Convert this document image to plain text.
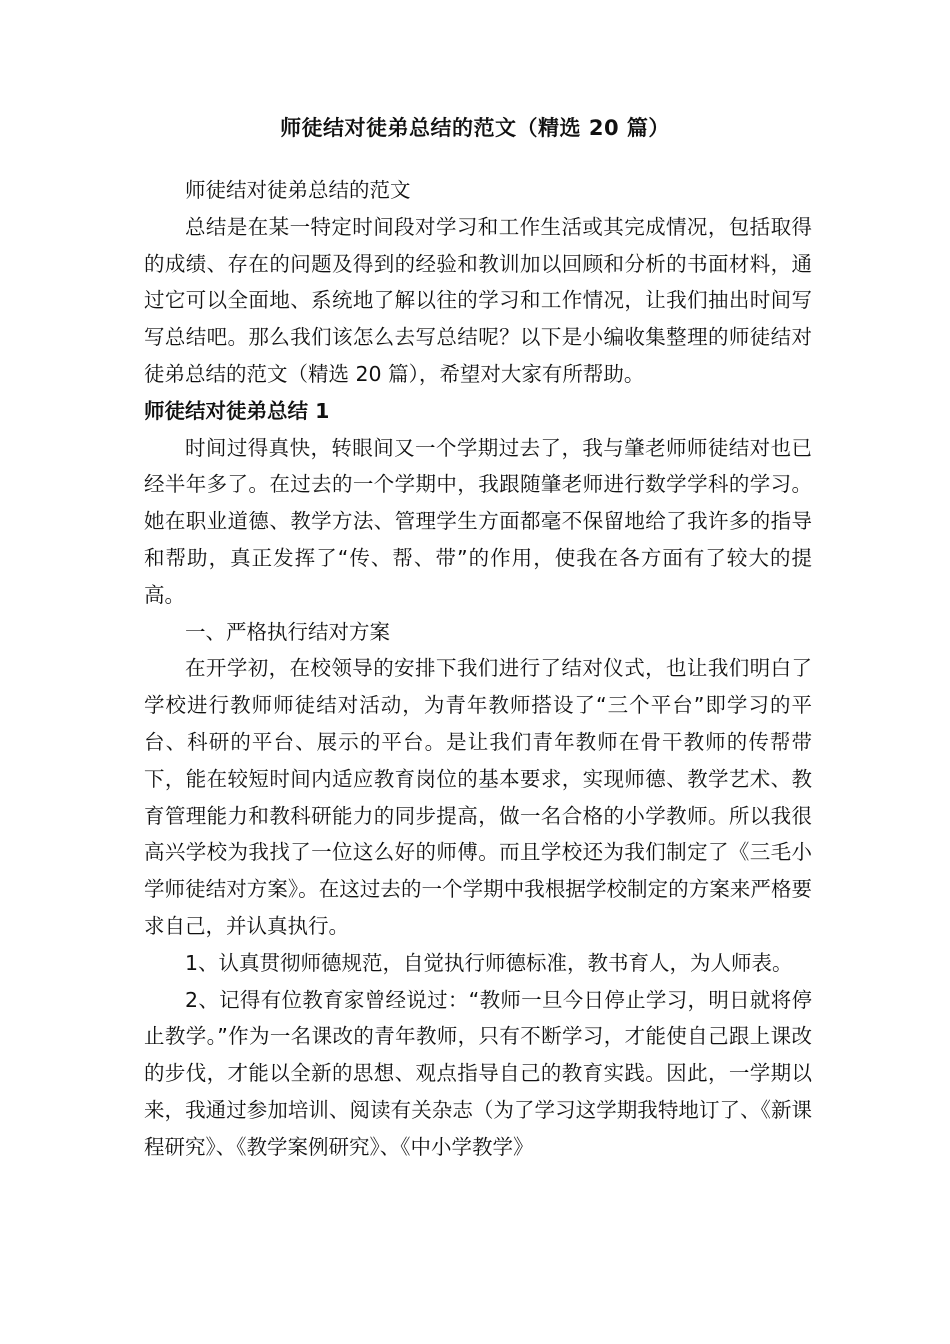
师徒结对徒弟总结的范文（精选 20 篇）

师徒结对徒弟总结的范文

总结是在某一特定时间段对学习和工作生活或其完成情况，包括取得的成绩、存在的问题及得到的经验和教训加以回顾和分析的书面材料，通过它可以全面地、系统地了解以往的学习和工作情况，让我们抽出时间写写总结吧。那么我们该怎么去写总结呢？以下是小编收集整理的师徒结对徒弟总结的范文（精选 20 篇），希望对大家有所帮助。

师徒结对徒弟总结 1

时间过得真快，转眼间又一个学期过去了，我与肇老师师徒结对也已经半年多了。在过去的一个学期中，我跟随肇老师进行数学学科的学习。她在职业道德、教学方法、管理学生方面都毫不保留地给了我许多的指导和帮助，真正发挥了“传、帮、带”的作用，使我在各方面有了较大的提高。

一、严格执行结对方案

在开学初，在校领导的安排下我们进行了结对仪式，也让我们明白了学校进行教师师徒结对活动，为青年教师搭设了“三个平台”即学习的平台、科研的平台、展示的平台。是让我们青年教师在骨干教师的传帮带下，能在较短时间内适应教育岗位的基本要求，实现师德、教学艺术、教育管理能力和教科研能力的同步提高，做一名合格的小学教师。所以我很高兴学校为我找了一位这么好的师傅。而且学校还为我们制定了《三毛小学师徒结对方案》。在这过去的一个学期中我根据学校制定的方案来严格要求自己，并认真执行。

1、认真贯彻师德规范，自觉执行师德标准，教书育人，为人师表。

2、记得有位教育家曾经说过：“教师一旦今日停止学习，明日就将停止教学。”作为一名课改的青年教师，只有不断学习，才能使自己跟上课改的步伐，才能以全新的思想、观点指导自己的教育实践。因此，一学期以来，我通过参加培训、阅读有关杂志（为了学习这学期我特地订了、《新课程研究》、《教学案例研究》、《中小学教学》
